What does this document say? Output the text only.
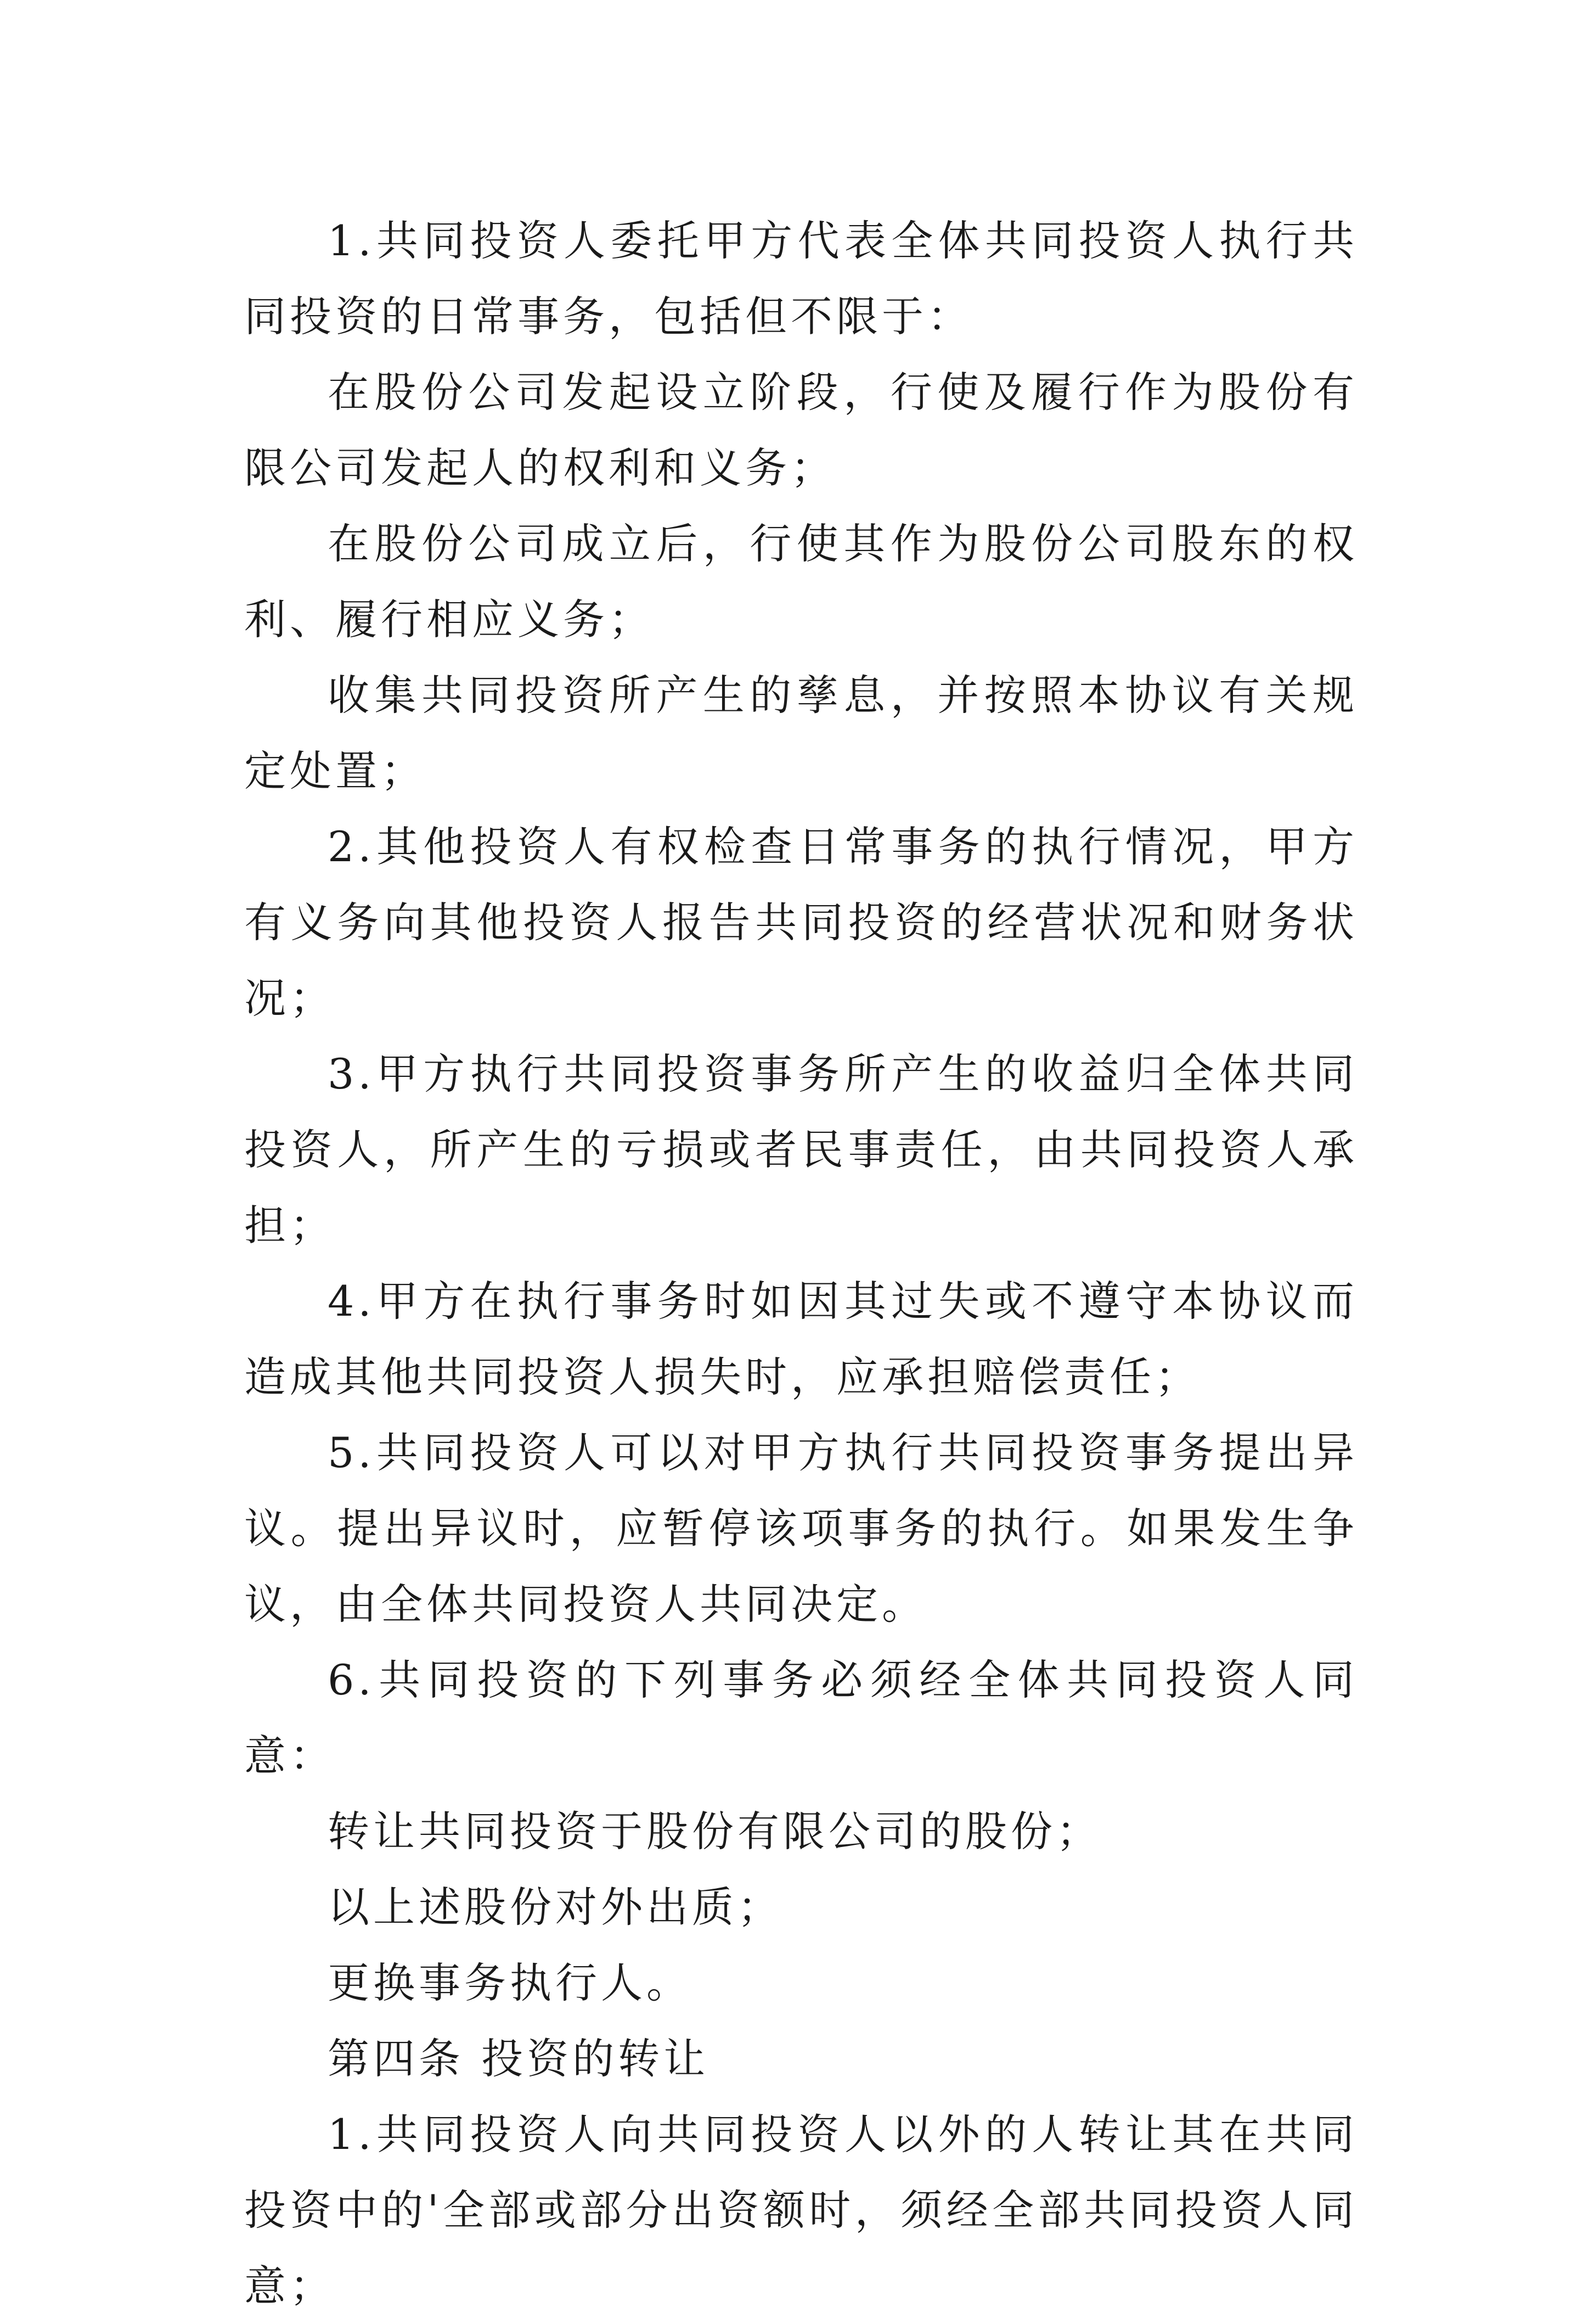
1.共同投资人委托甲方代表全体共同投资人执行共同投资的日常事务，包括但不限于：

在股份公司发起设立阶段，行使及履行作为股份有限公司发起人的权利和义务；

在股份公司成立后，行使其作为股份公司股东的权利、履行相应义务；

收集共同投资所产生的孳息，并按照本协议有关规定处置；

2.其他投资人有权检查日常事务的执行情况，甲方有义务向其他投资人报告共同投资的经营状况和财务状况；

3.甲方执行共同投资事务所产生的收益归全体共同投资人，所产生的亏损或者民事责任，由共同投资人承担；

4.甲方在执行事务时如因其过失或不遵守本协议而造成其他共同投资人损失时，应承担赔偿责任；

5.共同投资人可以对甲方执行共同投资事务提出异议。提出异议时，应暂停该项事务的执行。如果发生争议，由全体共同投资人共同决定。

6.共同投资的下列事务必须经全体共同投资人同意：

转让共同投资于股份有限公司的股份；

以上述股份对外出质；

更换事务执行人。

第四条 投资的转让

1.共同投资人向共同投资人以外的人转让其在共同投资中的'全部或部分出资额时，须经全部共同投资人同意；
